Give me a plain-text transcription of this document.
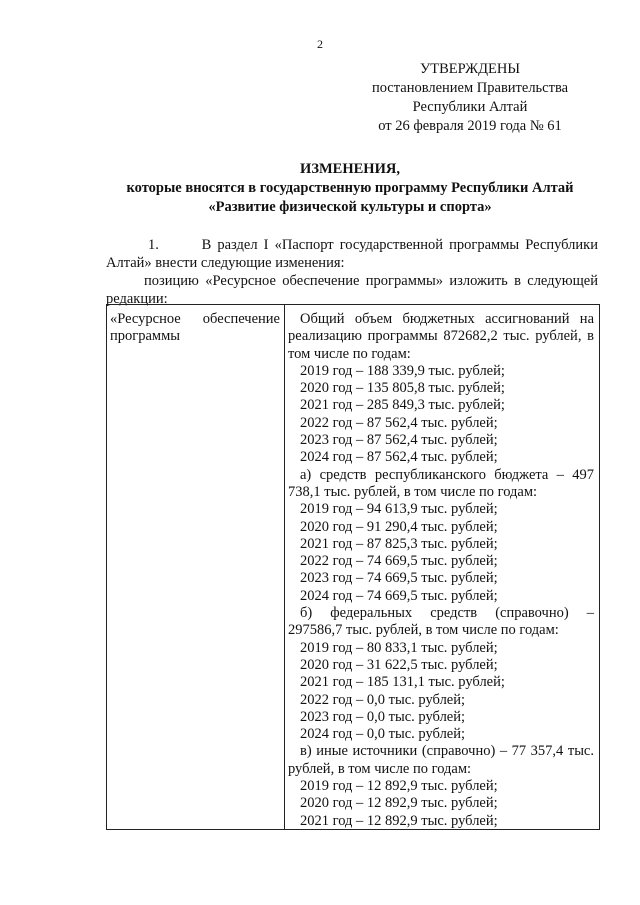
2
УТВЕРЖДЕНЫ
постановлением Правительства
Республики Алтай
от 26 февраля 2019 года № 61
ИЗМЕНЕНИЯ,
которые вносятся в государственную программу Республики Алтай
«Развитие физической культуры и спорта»
1.       В раздел I «Паспорт государственной программы Республики Алтай» внести следующие изменения:
позицию «Ресурсное обеспечение программы» изложить в следующей редакции:
«Ресурсное обеспечение программы
Общий объем бюджетных ассигнований на реализацию программы 872682,2 тыс. рублей, в том числе по годам:
2019 год – 188 339,9 тыс. рублей;
2020 год – 135 805,8 тыс. рублей;
2021 год – 285 849,3 тыс. рублей;
2022 год – 87 562,4 тыс. рублей;
2023 год – 87 562,4 тыс. рублей;
2024 год – 87 562,4 тыс. рублей;
а) средств республиканского бюджета – 497 738,1 тыс. рублей, в том числе по годам:
2019 год – 94 613,9 тыс. рублей;
2020 год – 91 290,4 тыс. рублей;
2021 год – 87 825,3 тыс. рублей;
2022 год – 74 669,5 тыс. рублей;
2023 год – 74 669,5 тыс. рублей;
2024 год – 74 669,5 тыс. рублей;
б) федеральных средств (справочно) – 297586,7 тыс. рублей, в том числе по годам:
2019 год – 80 833,1 тыс. рублей;
2020 год – 31 622,5 тыс. рублей;
2021 год – 185 131,1 тыс. рублей;
2022 год – 0,0 тыс. рублей;
2023 год – 0,0 тыс. рублей;
2024 год – 0,0 тыс. рублей;
в) иные источники (справочно) – 77 357,4 тыс. рублей, в том числе по годам:
2019 год – 12 892,9 тыс. рублей;
2020 год – 12 892,9 тыс. рублей;
2021 год – 12 892,9 тыс. рублей;
